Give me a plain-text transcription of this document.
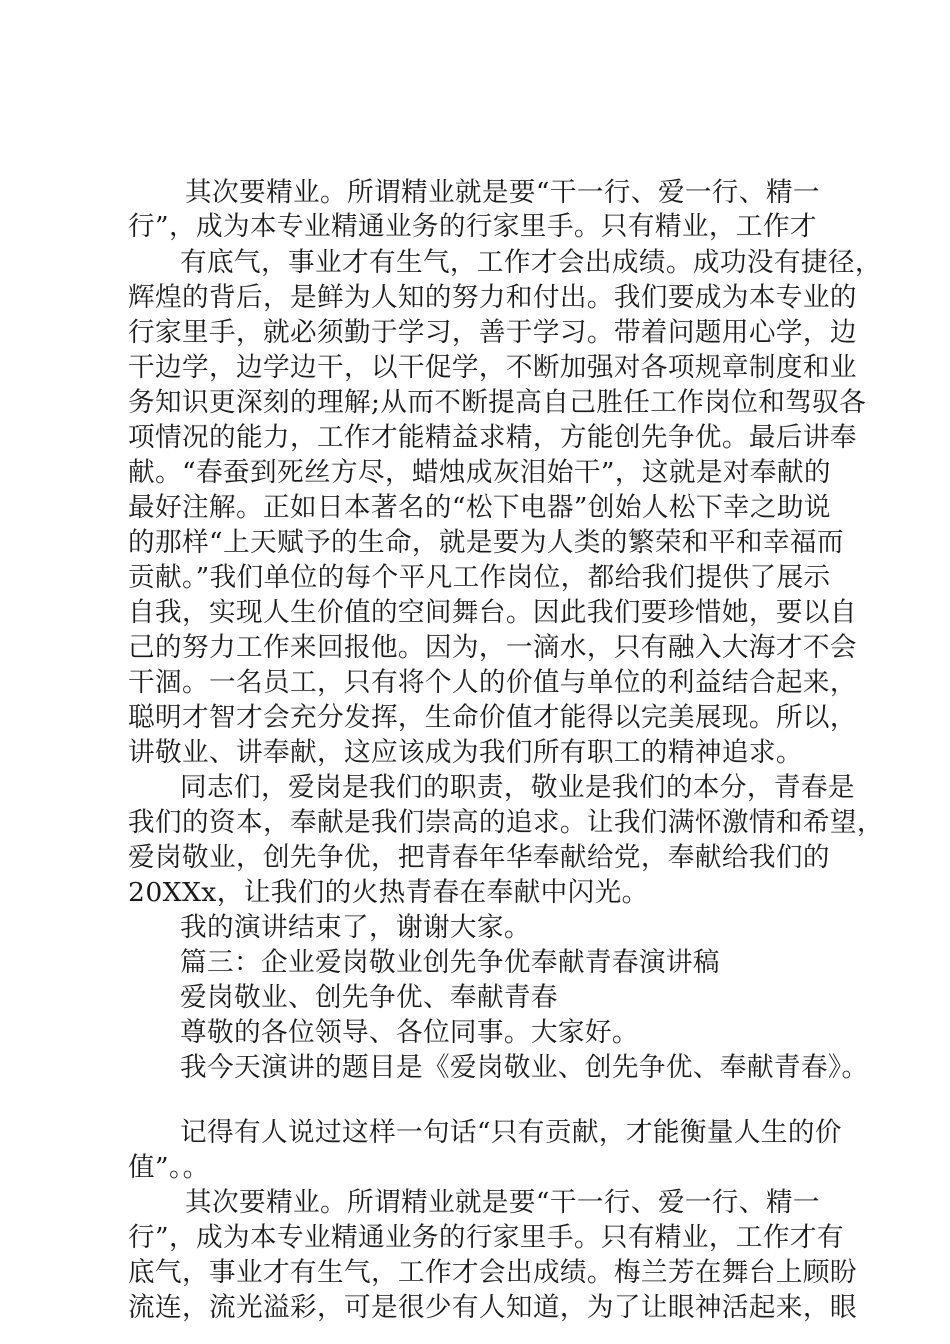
其次要精业。所谓精业就是要“干一行、爱一行、精一
行”，成为本专业精通业务的行家里手。只有精业，工作才
有底气，事业才有生气，工作才会出成绩。成功没有捷径，
辉煌的背后，是鲜为人知的努力和付出。我们要成为本专业的
行家里手，就必须勤于学习，善于学习。带着问题用心学，边
干边学，边学边干，以干促学，不断加强对各项规章制度和业
务知识更深刻的理解;从而不断提高自己胜任工作岗位和驾驭各
项情况的能力，工作才能精益求精，方能创先争优。最后讲奉
献。“春蚕到死丝方尽，蜡烛成灰泪始干”，这就是对奉献的
最好注解。正如日本著名的“松下电器”创始人松下幸之助说
的那样“上天赋予的生命，就是要为人类的繁荣和平和幸福而
贡献。”我们单位的每个平凡工作岗位，都给我们提供了展示
自我，实现人生价值的空间舞台。因此我们要珍惜她，要以自
己的努力工作来回报他。因为，一滴水，只有融入大海才不会
干涸。一名员工，只有将个人的价值与单位的利益结合起来，
聪明才智才会充分发挥，生命价值才能得以完美展现。所以，
讲敬业、讲奉献，这应该成为我们所有职工的精神追求。
同志们，爱岗是我们的职责，敬业是我们的本分，青春是
我们的资本，奉献是我们崇高的追求。让我们满怀激情和希望，
爱岗敬业，创先争优，把青春年华奉献给党，奉献给我们的
20XXx，让我们的火热青春在奉献中闪光。
我的演讲结束了，谢谢大家。
篇三：企业爱岗敬业创先争优奉献青春演讲稿
爱岗敬业、创先争优、奉献青春
尊敬的各位领导、各位同事。大家好。
我今天演讲的题目是《爱岗敬业、创先争优、奉献青春》。
记得有人说过这样一句话“只有贡献，才能衡量人生的价
值”。。
其次要精业。所谓精业就是要“干一行、爱一行、精一
行”，成为本专业精通业务的行家里手。只有精业，工作才有
底气，事业才有生气，工作才会出成绩。梅兰芳在舞台上顾盼
流连，流光溢彩，可是很少有人知道，为了让眼神活起来，眼
